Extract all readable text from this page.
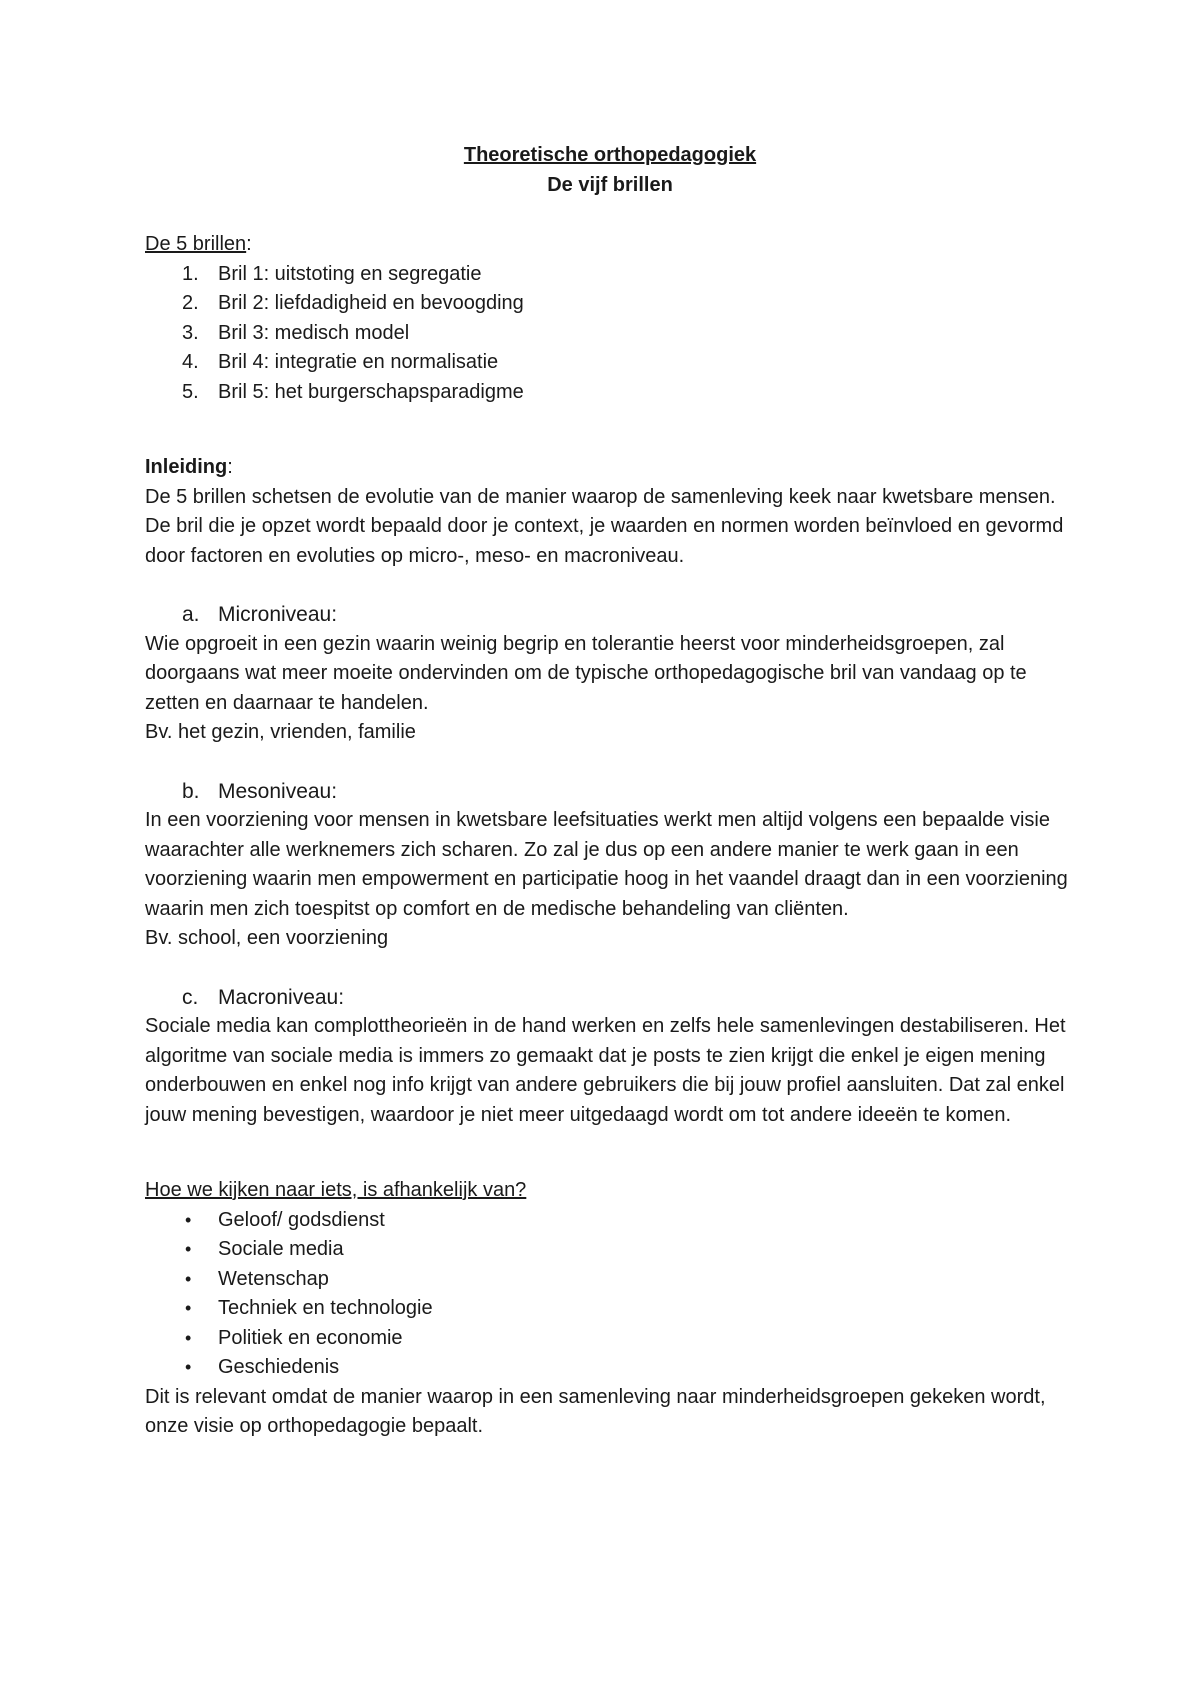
Theoretische orthopedagogiek
De vijf brillen

De 5 brillen:

1. Bril 1: uitstoting en segregatie
2. Bril 2: liefdadigheid en bevoogding
3. Bril 3: medisch model
4. Bril 4: integratie en normalisatie
5. Bril 5: het burgerschapsparadigme

Inleiding:

De 5 brillen schetsen de evolutie van de manier waarop de samenleving keek naar kwetsbare mensen.

De bril die je opzet wordt bepaald door je context, je waarden en normen worden beïnvloed en gevormd door factoren en evoluties op micro-, meso- en macroniveau.

a. Microniveau:

Wie opgroeit in een gezin waarin weinig begrip en tolerantie heerst voor minderheidsgroepen, zal doorgaans wat meer moeite ondervinden om de typische orthopedagogische bril van vandaag op te zetten en daarnaar te handelen.

Bv. het gezin, vrienden, familie

b. Mesoniveau:

In een voorziening voor mensen in kwetsbare leefsituaties werkt men altijd volgens een bepaalde visie waarachter alle werknemers zich scharen. Zo zal je dus op een andere manier te werk gaan in een voorziening waarin men empowerment en participatie hoog in het vaandel draagt dan in een voorziening waarin men zich toespitst op comfort en de medische behandeling van cliënten.

Bv. school, een voorziening

c. Macroniveau:

Sociale media kan complottheorieën in de hand werken en zelfs hele samenlevingen destabiliseren. Het algoritme van sociale media is immers zo gemaakt dat je posts te zien krijgt die enkel je eigen mening onderbouwen en enkel nog info krijgt van andere gebruikers die bij jouw profiel aansluiten. Dat zal enkel jouw mening bevestigen, waardoor je niet meer uitgedaagd wordt om tot andere ideeën te komen.

Hoe we kijken naar iets, is afhankelijk van?

• Geloof/ godsdienst
• Sociale media
• Wetenschap
• Techniek en technologie
• Politiek en economie
• Geschiedenis

Dit is relevant omdat de manier waarop in een samenleving naar minderheidsgroepen gekeken wordt, onze visie op orthopedagogie bepaalt.
